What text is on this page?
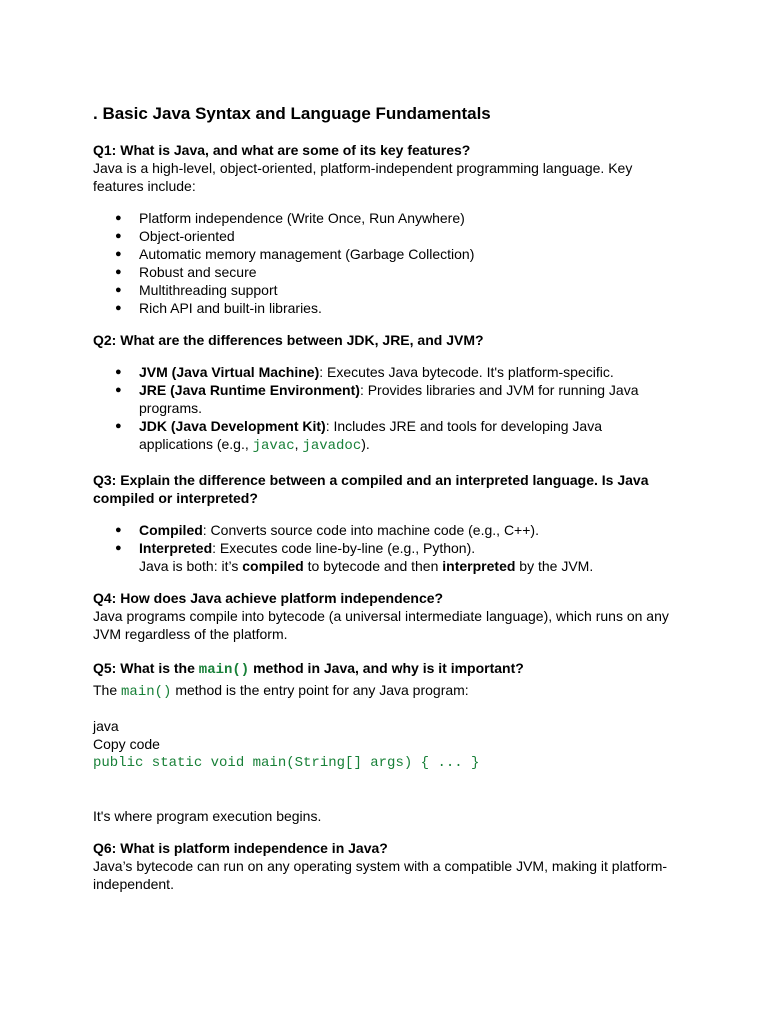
. Basic Java Syntax and Language Fundamentals

Q1: What is Java, and what are some of its key features?

Java is a high-level, object-oriented, platform-independent programming language. Key features include:

● Platform independence (Write Once, Run Anywhere)
● Object-oriented
● Automatic memory management (Garbage Collection)
● Robust and secure
● Multithreading support
● Rich API and built-in libraries.

Q2: What are the differences between JDK, JRE, and JVM?

● JVM (Java Virtual Machine): Executes Java bytecode. It's platform-specific.
● JRE (Java Runtime Environment): Provides libraries and JVM for running Java programs.
● JDK (Java Development Kit): Includes JRE and tools for developing Java applications (e.g., javac, javadoc).

Q3: Explain the difference between a compiled and an interpreted language. Is Java compiled or interpreted?

● Compiled: Converts source code into machine code (e.g., C++).
● Interpreted: Executes code line-by-line (e.g., Python).
Java is both: it’s compiled to bytecode and then interpreted by the JVM.

Q4: How does Java achieve platform independence?

Java programs compile into bytecode (a universal intermediate language), which runs on any JVM regardless of the platform.

Q5: What is the main() method in Java, and why is it important?

The main() method is the entry point for any Java program:

java

Copy code

public static void main(String[] args) { ... }

It's where program execution begins.

Q6: What is platform independence in Java?

Java’s bytecode can run on any operating system with a compatible JVM, making it platform-independent.
